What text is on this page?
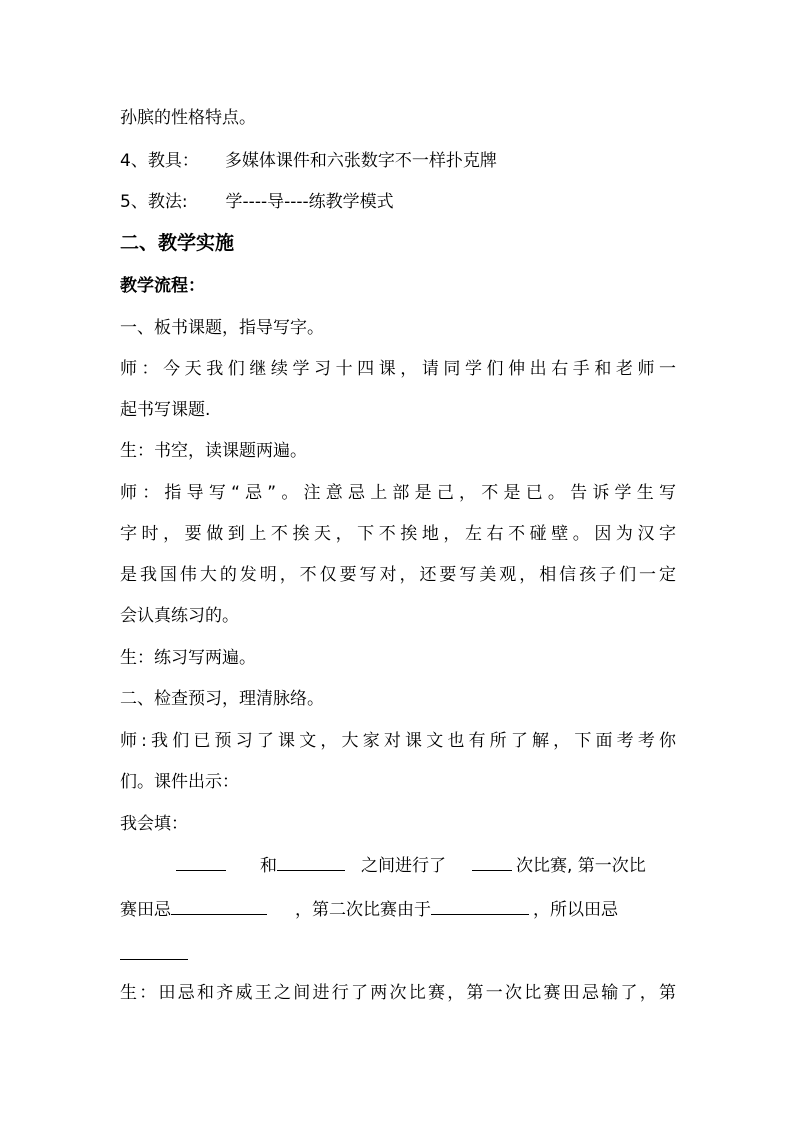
孙膑的性格特点。
4、教具： 多媒体课件和六张数字不一样扑克牌
5、教法: 学----导----练教学模式
二、教学实施
教学流程：
一、板书课题，指导写字。
师：今天我们继续学习十四课，请同学们伸出右手和老师一
起书写课题.
生：书空，读课题两遍。
师：指导写“忌”。注意忌上部是己，不是已。告诉学生写
字时，要做到上不挨天，下不挨地，左右不碰壁。因为汉字
是我国伟大的发明，不仅要写对，还要写美观，相信孩子们一定
会认真练习的。
生：练习写两遍。
二、检查预习，理清脉络。
师:我们已预习了课文，大家对课文也有所了解，下面考考你
们。课件出示：
我会填：
和	之间进行了	次比赛, 第一次比
赛田忌	，第二次比赛由于	，所以田忌
生：田忌和齐威王之间进行了两次比赛，第一次比赛田忌输了，第
